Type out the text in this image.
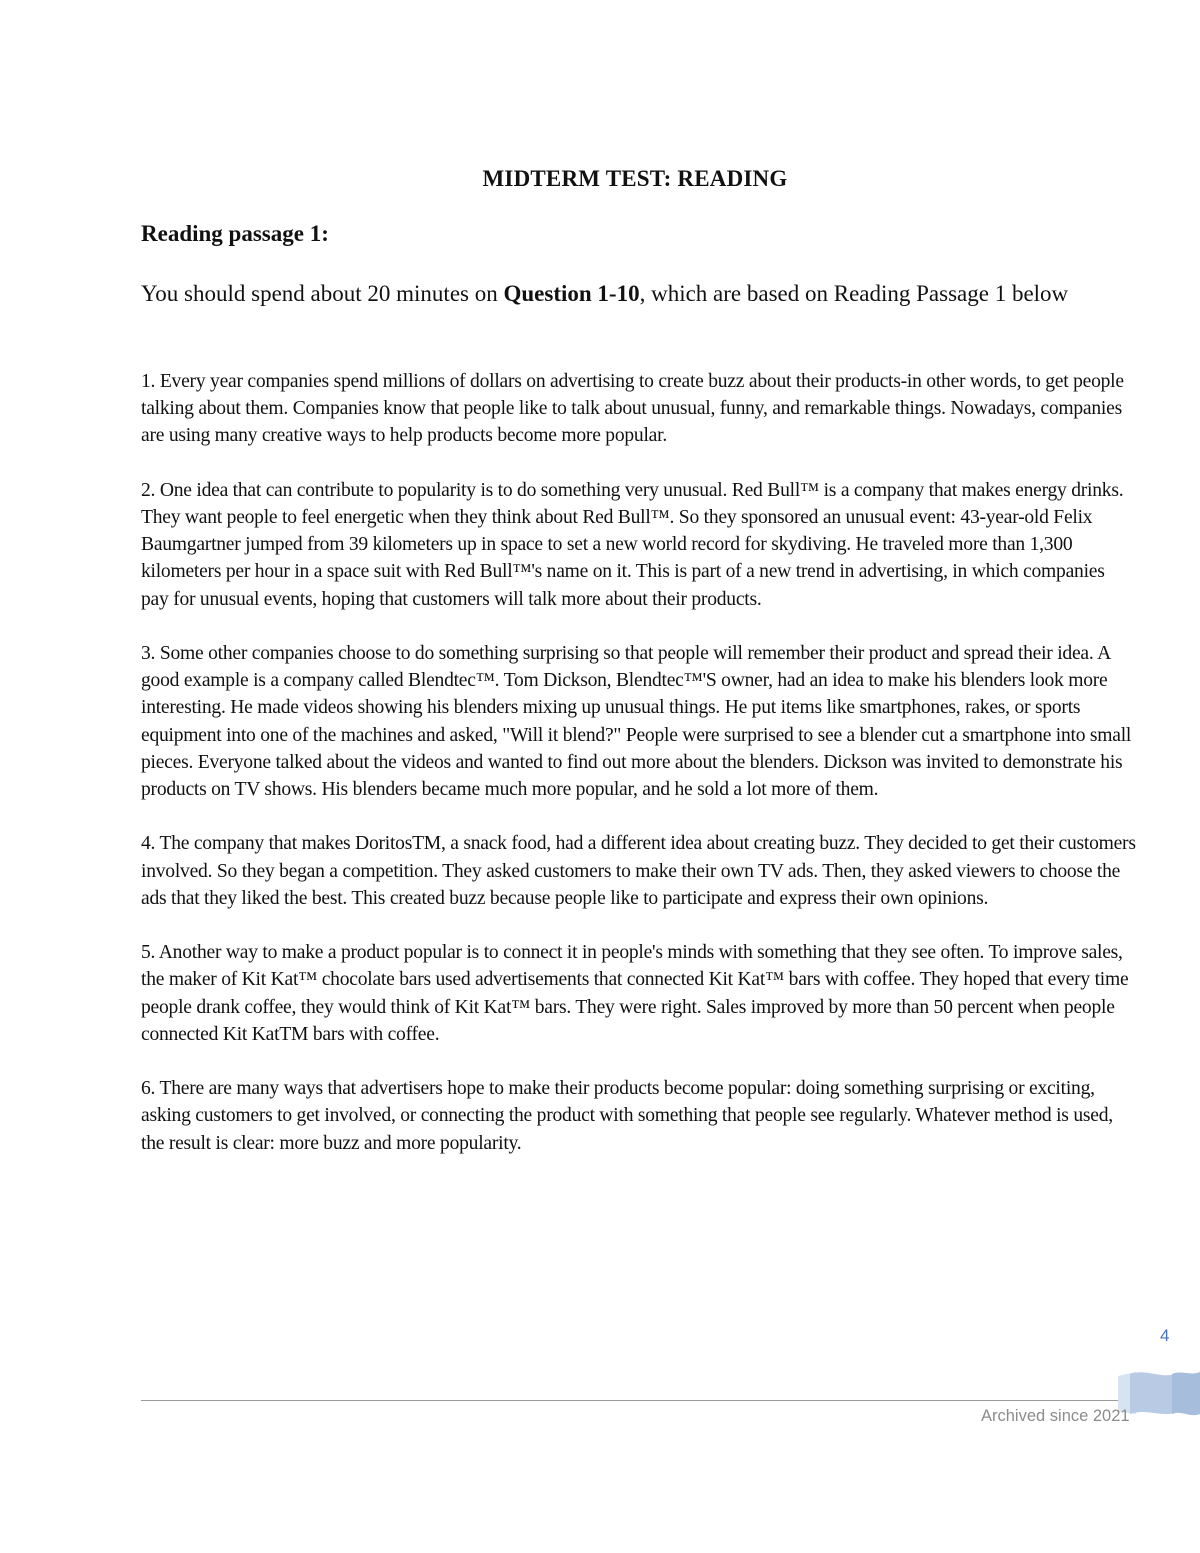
MIDTERM TEST: READING
Reading passage 1:
You should spend about 20 minutes on Question 1-10, which are based on Reading Passage 1 below

1. Every year companies spend millions of dollars on advertising to create buzz about their products-in other words, to get people talking about them. Companies know that people like to talk about unusual, funny, and remarkable things. Nowadays, companies are using many creative ways to help products become more popular.

2. One idea that can contribute to popularity is to do something very unusual. Red Bull™ is a company that makes energy drinks. They want people to feel energetic when they think about Red Bull™. So they sponsored an unusual event: 43-year-old Felix Baumgartner jumped from 39 kilometers up in space to set a new world record for skydiving. He traveled more than 1,300 kilometers per hour in a space suit with Red Bull™'s name on it. This is part of a new trend in advertising, in which companies pay for unusual events, hoping that customers will talk more about their products.

3. Some other companies choose to do something surprising so that people will remember their product and spread their idea. A good example is a company called Blendtec™. Tom Dickson, Blendtec™'S owner, had an idea to make his blenders look more interesting. He made videos showing his blenders mixing up unusual things. He put items like smartphones, rakes, or sports equipment into one of the machines and asked, "Will it blend?" People were surprised to see a blender cut a smartphone into small pieces. Everyone talked about the videos and wanted to find out more about the blenders. Dickson was invited to demonstrate his products on TV shows. His blenders became much more popular, and he sold a lot more of them.

4. The company that makes DoritosTM, a snack food, had a different idea about creating buzz. They decided to get their customers involved. So they began a competition. They asked customers to make their own TV ads. Then, they asked viewers to choose the ads that they liked the best. This created buzz because people like to participate and express their own opinions.

5. Another way to make a product popular is to connect it in people's minds with something that they see often. To improve sales, the maker of Kit Kat™ chocolate bars used advertisements that connected Kit Kat™ bars with coffee. They hoped that every time people drank coffee, they would think of Kit Kat™ bars. They were right. Sales improved by more than 50 percent when people connected Kit KatTM bars with coffee.

6. There are many ways that advertisers hope to make their products become popular: doing something surprising or exciting, asking customers to get involved, or connecting the product with something that people see regularly. Whatever method is used, the result is clear: more buzz and more popularity.

4
Archived since 2021
